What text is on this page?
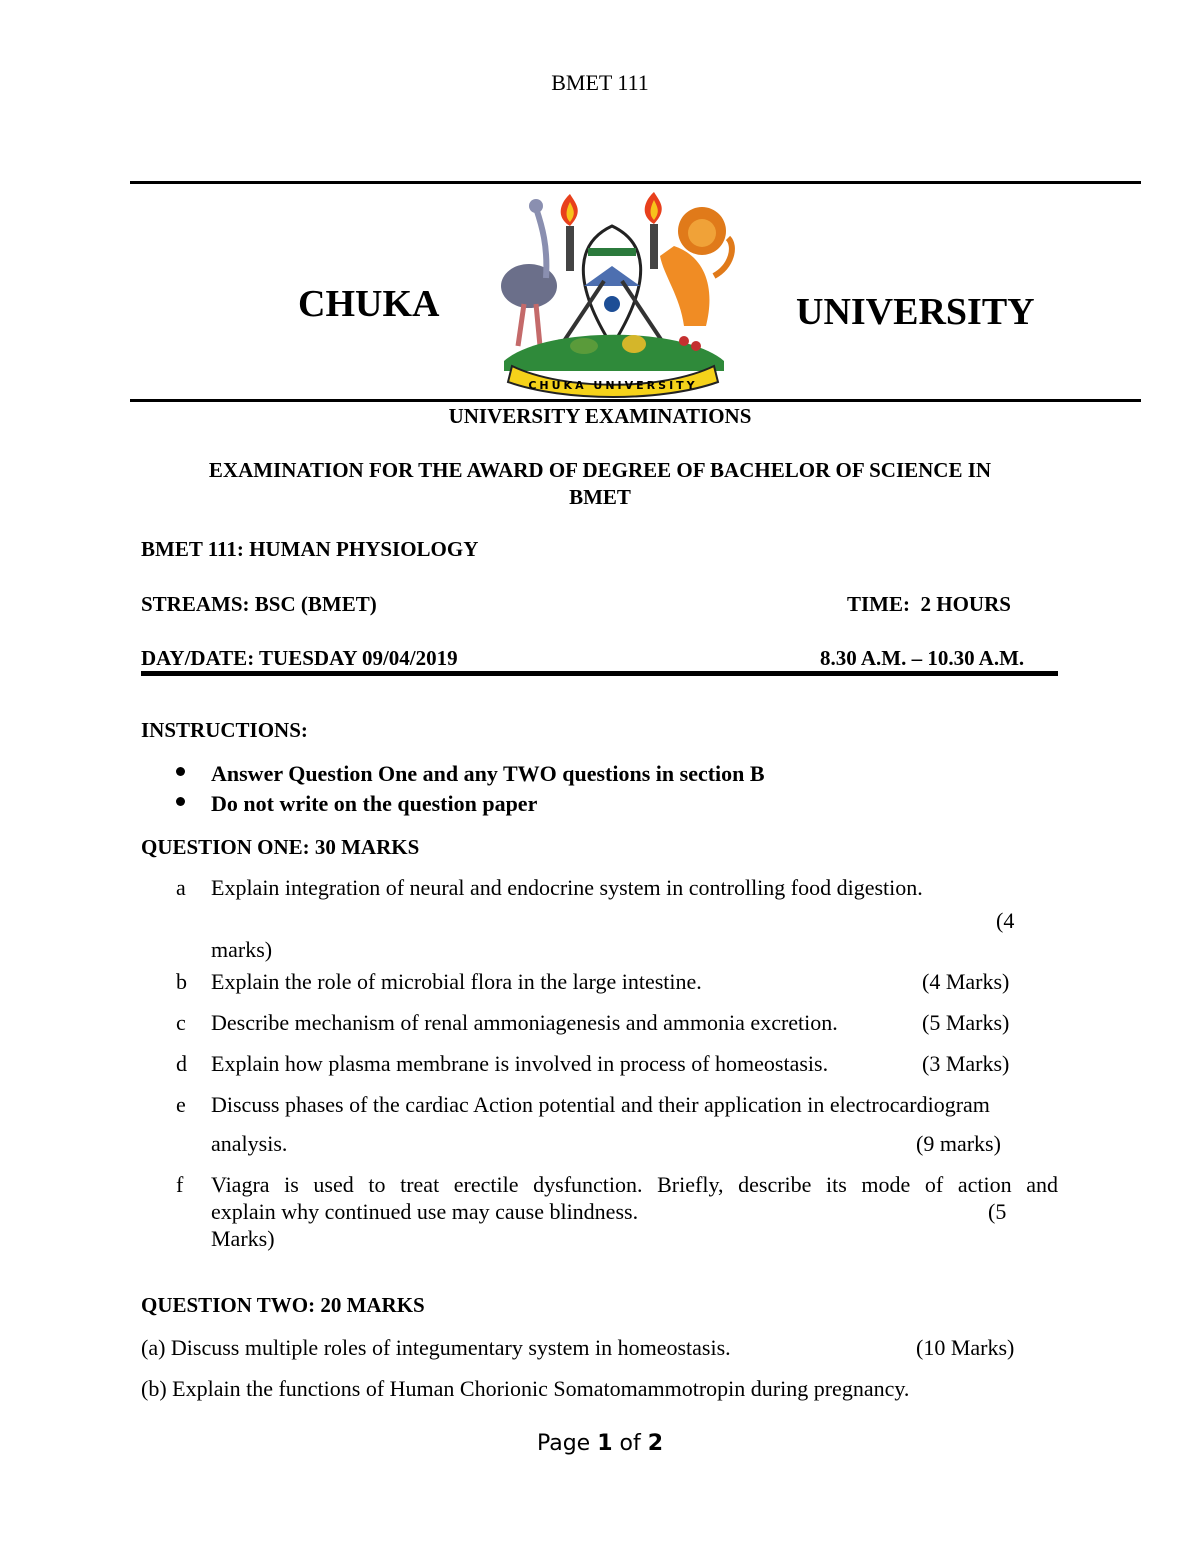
BMET 111
CHUKA	UNIVERSITY
CHUKA UNIVERSITY
UNIVERSITY EXAMINATIONS
EXAMINATION FOR THE AWARD OF DEGREE OF BACHELOR OF SCIENCE IN
BMET
BMET 111: HUMAN PHYSIOLOGY
STREAMS: BSC (BMET)	TIME:  2 HOURS
DAY/DATE: TUESDAY 09/04/2019	8.30 A.M. – 10.30 A.M.
INSTRUCTIONS:
Answer Question One and any TWO questions in section B
Do not write on the question paper
QUESTION ONE: 30 MARKS
a Explain integration of neural and endocrine system in controlling food digestion.
(4
marks)
b Explain the role of microbial flora in the large intestine.	(4 Marks)
c Describe mechanism of renal ammoniagenesis and ammonia excretion.	(5 Marks)
d Explain how plasma membrane is involved in process of homeostasis.	(3 Marks)
e Discuss phases of the cardiac Action potential and their application in electrocardiogram
analysis.	(9 marks)
f Viagra is used to treat erectile dysfunction. Briefly, describe its mode of action and
explain why continued use may cause blindness.	(5
Marks)
QUESTION TWO: 20 MARKS
(a) Discuss multiple roles of integumentary system in homeostasis.	(10 Marks)
(b) Explain the functions of Human Chorionic Somatomammotropin during pregnancy.
Page 1 of 2
